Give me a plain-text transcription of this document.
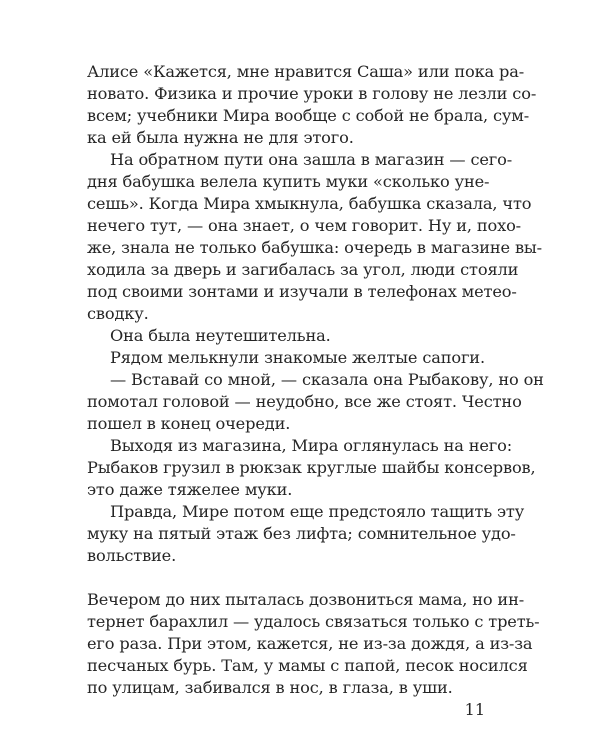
Алисе «Кажется, мне нравится Саша» или пока ра-
новато. Физика и прочие уроки в голову не лезли со-
всем; учебники Мира вообще с собой не брала, сум-
ка ей была нужна не для этого.
На обратном пути она зашла в магазин — сего-
дня бабушка велела купить муки «сколько уне-
сешь». Когда Мира хмыкнула, бабушка сказала, что
нечего тут, — она знает, о чем говорит. Ну и, похо-
же, знала не только бабушка: очередь в магазине вы-
ходила за дверь и загибалась за угол, люди стояли
под своими зонтами и изучали в телефонах метео-
сводку.
Она была неутешительна.
Рядом мелькнули знакомые желтые сапоги.
— Вставай со мной, — сказала она Рыбакову, но он
помотал головой — неудобно, все же стоят. Честно
пошел в конец очереди.
Выходя из магазина, Мира оглянулась на него:
Рыбаков грузил в рюкзак круглые шайбы консервов,
это даже тяжелее муки.
Правда, Мире потом еще предстояло тащить эту
муку на пятый этаж без лифта; сомнительное удо-
вольствие.
Вечером до них пыталась дозвониться мама, но ин-
тернет барахлил — удалось связаться только с треть-
его раза. При этом, кажется, не из-за дождя, а из-за
песчаных бурь. Там, у мамы с папой, песок носился
по улицам, забивался в нос, в глаза, в уши.
11
